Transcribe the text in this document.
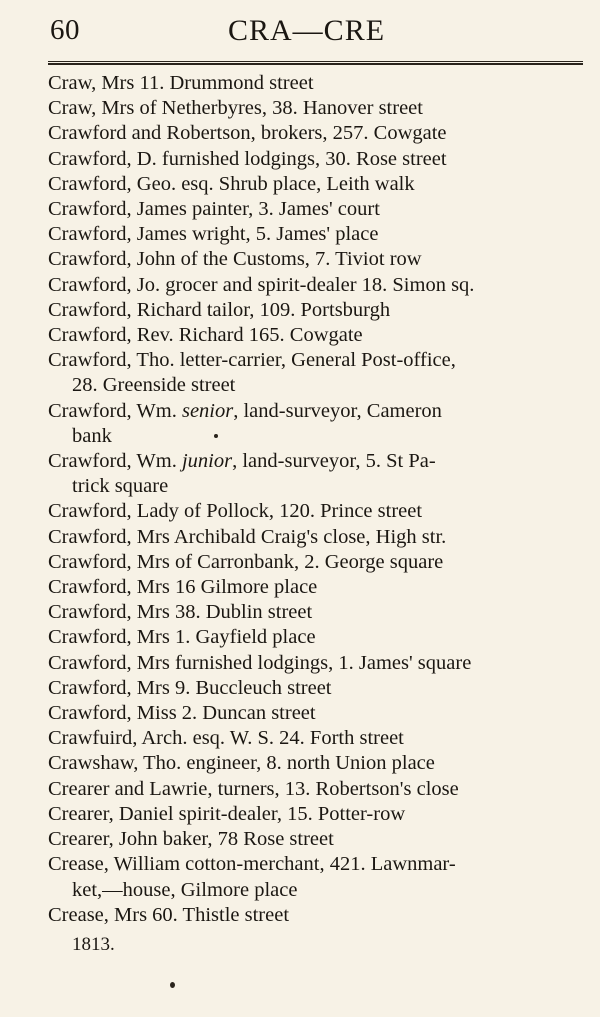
60	CRA—CRE
Craw, Mrs 11. Drummond street
Craw, Mrs of Netherbyres, 38. Hanover street
Crawford and Robertson, brokers, 257. Cowgate
Crawford, D. furnished lodgings, 30. Rose street
Crawford, Geo. esq. Shrub place, Leith walk
Crawford, James painter, 3. James' court
Crawford, James wright, 5. James' place
Crawford, John of the Customs, 7. Tiviot row
Crawford, Jo. grocer and spirit-dealer 18. Simon sq.
Crawford, Richard tailor, 109. Portsburgh
Crawford, Rev. Richard 165. Cowgate
Crawford, Tho. letter-carrier, General Post-office,
28. Greenside street
Crawford, Wm. senior, land-surveyor, Cameron
bank
Crawford, Wm. junior, land-surveyor, 5. St Pa-
trick square
Crawford, Lady of Pollock, 120. Prince street
Crawford, Mrs Archibald Craig's close, High str.
Crawford, Mrs of Carronbank, 2. George square
Crawford, Mrs 16 Gilmore place
Crawford, Mrs 38. Dublin street
Crawford, Mrs 1. Gayfield place
Crawford, Mrs furnished lodgings, 1. James' square
Crawford, Mrs 9. Buccleuch street
Crawford, Miss 2. Duncan street
Crawfuird, Arch. esq. W. S. 24. Forth street
Crawshaw, Tho. engineer, 8. north Union place
Crearer and Lawrie, turners, 13. Robertson's close
Crearer, Daniel spirit-dealer, 15. Potter-row
Crearer, John baker, 78 Rose street
Crease, William cotton-merchant, 421. Lawnmar-
ket,—house, Gilmore place
Crease, Mrs 60. Thistle street
1813.
